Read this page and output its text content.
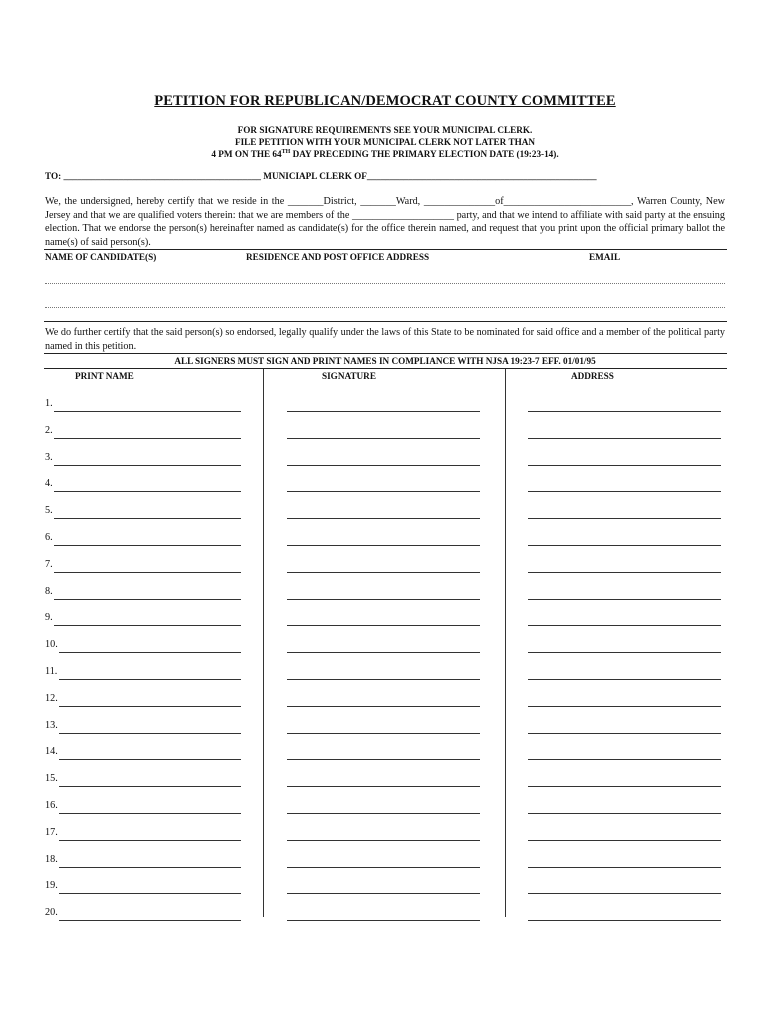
PETITION FOR REPUBLICAN/DEMOCRAT COUNTY COMMITTEE
FOR SIGNATURE REQUIREMENTS SEE YOUR MUNICIPAL CLERK.
FILE PETITION WITH YOUR MUNICIPAL CLERK NOT LATER THAN
4 PM ON THE 64TH DAY PRECEDING THE PRIMARY ELECTION DATE (19:23-14).
TO: ___________________________________________ MUNICIAPL CLERK OF__________________________________________________
We, the undersigned, hereby certify that we reside in the _______District, _______Ward, ______________of_________________________, Warren County, New Jersey and that we are qualified voters therein: that we are members of the ____________________ party, and that we intend to affiliate with said party at the ensuing election. That we endorse the person(s) hereinafter named as candidate(s) for the office therein named, and request that you print upon the official primary ballot the name(s) of said person(s).
NAME OF CANDIDATE(S)	RESIDENCE AND POST OFFICE ADDRESS	EMAIL
We do further certify that the said person(s) so endorsed, legally qualify under the laws of this State to be nominated for said office and a member of the political party named in this petition.
ALL SIGNERS MUST SIGN AND PRINT NAMES IN COMPLIANCE WITH NJSA 19:23-7 EFF. 01/01/95
PRINT NAME	SIGNATURE	ADDRESS
1.
2.
3.
4.
5.
6.
7.
8.
9.
10.
11.
12.
13.
14.
15.
16.
17.
18.
19.
20.
